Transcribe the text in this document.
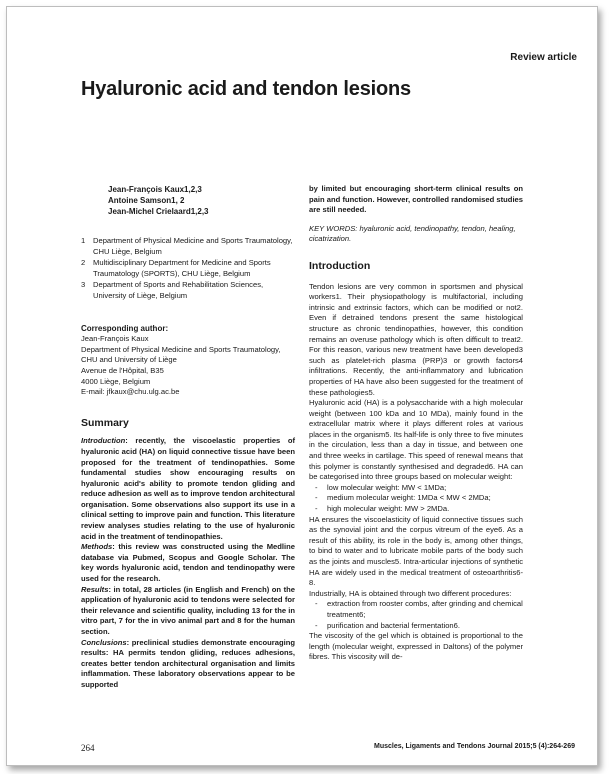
Review article
Hyaluronic acid and tendon lesions
Jean-François Kaux1,2,3
Antoine Samson1, 2
Jean-Michel Crielaard1,2,3
1	Department of Physical Medicine and Sports Traumatology, CHU Liège, Belgium
2	Multidisciplinary Department for Medicine and Sports Traumatology (SPORTS), CHU Liège, Belgium
3	Department of Sports and Rehabilitation Sciences, University of Liège, Belgium
Corresponding author:
Jean-François Kaux
Department of Physical Medicine and Sports Traumatology, CHU and University of Liège
Avenue de l'Hôpital, B35
4000 Liège, Belgium
E-mail: jfkaux@chu.ulg.ac.be
Summary

Introduction: recently, the viscoelastic properties of hyaluronic acid (HA) on liquid connective tissue have been proposed for the treatment of tendinopathies. Some fundamental studies show encouraging results on hyaluronic acid's ability to promote tendon gliding and reduce adhesion as well as to improve tendon architectural organisation. Some observations also support its use in a clinical setting to improve pain and function. This literature review analyses studies relating to the use of hyaluronic acid in the treatment of tendinopathies.

Methods: this review was constructed using the Medline database via Pubmed, Scopus and Google Scholar. The key words hyaluronic acid, tendon and tendinopathy were used for the research.

Results: in total, 28 articles (in English and French) on the application of hyaluronic acid to tendons were selected for their relevance and scientific quality, including 13 for the in vitro part, 7 for the in vivo animal part and 8 for the human section.

Conclusions: preclinical studies demonstrate encouraging results: HA permits tendon gliding, reduces adhesions, creates better tendon architectural organisation and limits inflammation. These laboratory observations appear to be supported

by limited but encouraging short-term clinical results on pain and function. However, controlled randomised studies are still needed.

KEY WORDS: hyaluronic acid, tendinopathy, tendon, healing, cicatrization.
Introduction

Tendon lesions are very common in sportsmen and physical workers1. Their physiopathology is multifactorial, including intrinsic and extrinsic factors, which can be modified or not2. Even if detrained tendons present the same histological structure as chronic tendinopathies, however, this condition remains an overuse pathology which is often difficult to treat2. For this reason, various new treatment have been developed3 such as platelet-rich plasma (PRP)3 or growth factors4 infiltrations. Recently, the anti-inflammatory and lubrication properties of HA have also been suggested for the treatment of these pathologies5.

Hyaluronic acid (HA) is a polysaccharide with a high molecular weight (between 100 kDa and 10 MDa), mainly found in the extracellular matrix where it plays different roles at various places in the organism5. Its half-life is only three to five minutes in the circulation, less than a day in tissue, and between one and three weeks in cartilage. This speed of renewal means that this polymer is constantly synthesised and degraded6. HA can be categorised into three groups based on molecular weight:

-	low molecular weight: MW < 1MDa;
-	medium molecular weight: 1MDa < MW < 2MDa;
-	high molecular weight: MW > 2MDa.

HA ensures the viscoelasticity of liquid connective tissues such as the synovial joint and the corpus vitreum of the eye6. As a result of this ability, its role in the body is, among other things, to bind to water and to lubricate mobile parts of the body such as the joints and muscles5. Intra-articular injections of synthetic HA are widely used in the medical treatment of osteoarthritis6-8.

Industrially, HA is obtained through two different procedures:

-	extraction from rooster combs, after grinding and chemical treatment6;
-	purification and bacterial fermentation6.

The viscosity of the gel which is obtained is proportional to the length (molecular weight, expressed in Daltons) of the polymer fibres. This viscosity will de-

264	Muscles, Ligaments and Tendons Journal 2015;5 (4):264-269
